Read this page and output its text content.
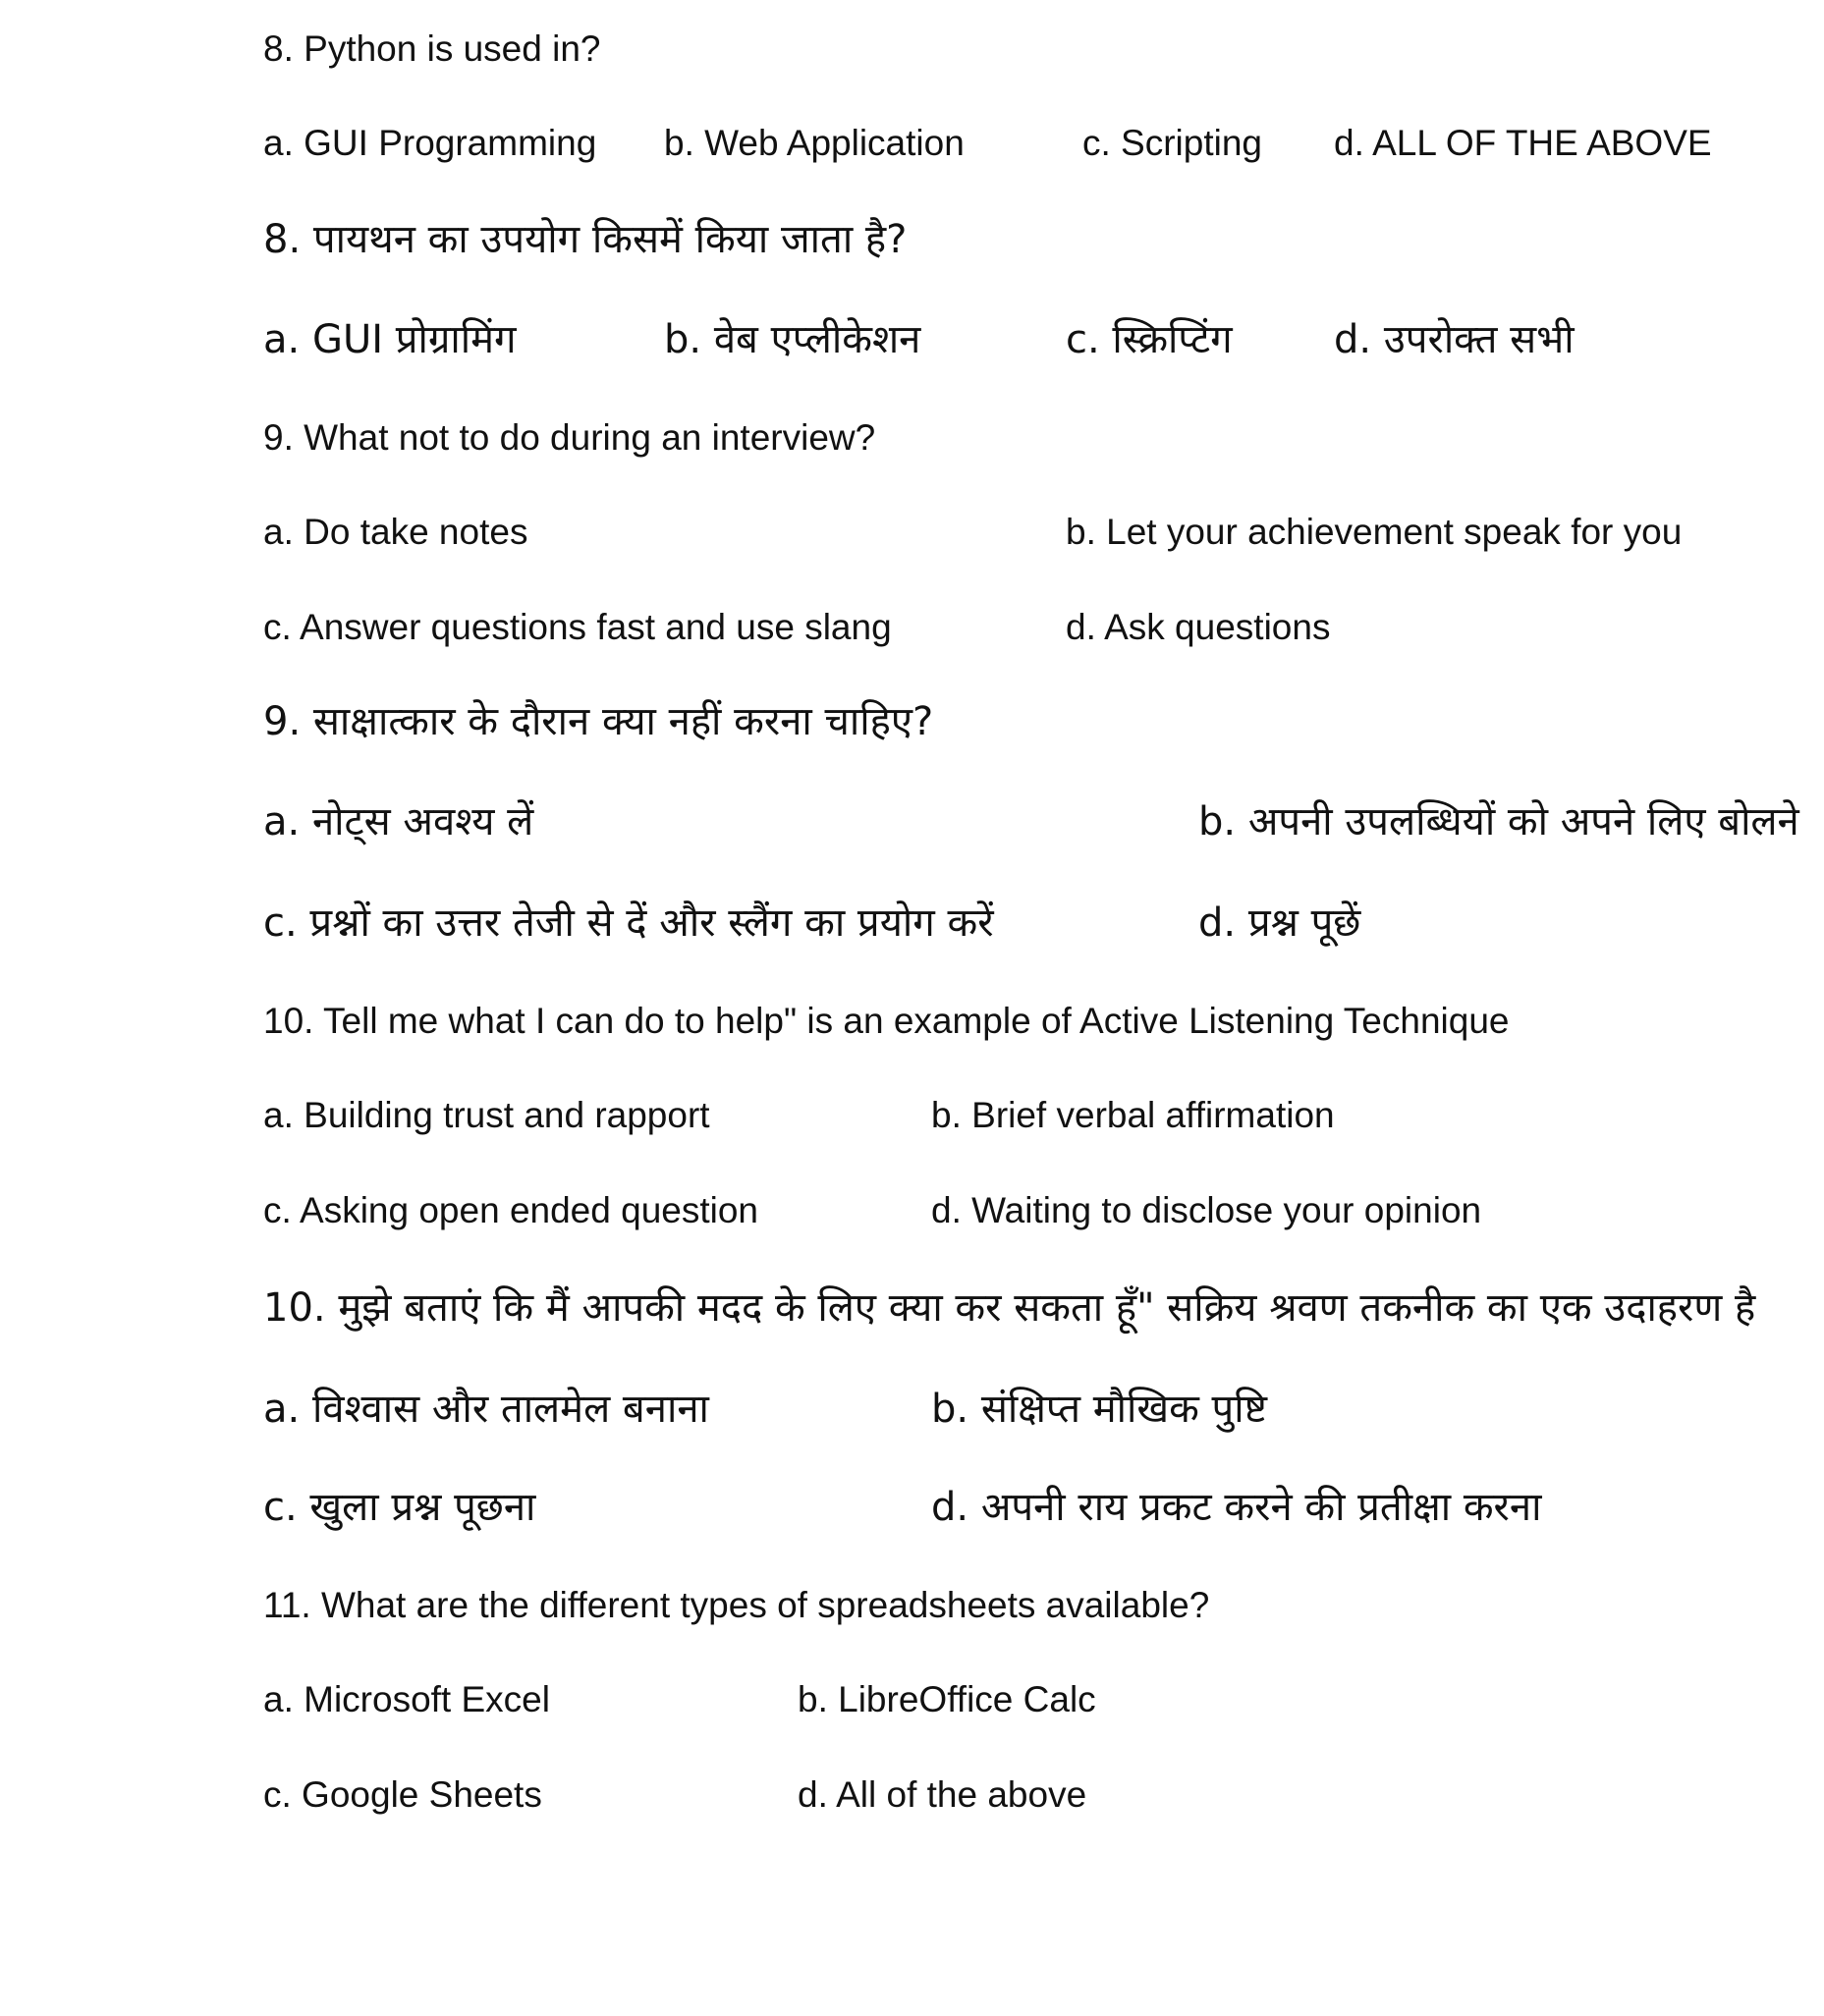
8. Python is used in?
a. GUI Programming b. Web Application	c. Scripting d. ALL OF THE ABOVE
8. पायथन का उपयोग किसमें किया जाता है?
a. GUI प्रोग्रामिंग	b. वेब एप्लीकेशन	c. स्क्रिप्टिंग	d. उपरोक्त सभी
9. What not to do during an interview?
a. Do take notes	b. Let your achievement speak for you
c. Answer questions fast and use slang	d. Ask questions
9. साक्षात्कार के दौरान क्या नहीं करना चाहिए?
a. नोट्स अवश्य लें	b. अपनी उपलब्धियों को अपने लिए बोलने
c. प्रश्नों का उत्तर तेजी से दें और स्लैंग का प्रयोग करें	d. प्रश्न पूछें
10. Tell me what I can do to help" is an example of Active Listening Technique
a. Building trust and rapport	b. Brief verbal affirmation
c. Asking open ended question	d. Waiting to disclose your opinion
10. मुझे बताएं कि मैं आपकी मदद के लिए क्या कर सकता हूँ" सक्रिय श्रवण तकनीक का एक उदाहरण है
a. विश्वास और तालमेल बनाना	b. संक्षिप्त मौखिक पुष्टि
c. खुला प्रश्न पूछना	d. अपनी राय प्रकट करने की प्रतीक्षा करना
11. What are the different types of spreadsheets available?
a. Microsoft Excel	b. LibreOffice Calc
c. Google Sheets	d. All of the above
